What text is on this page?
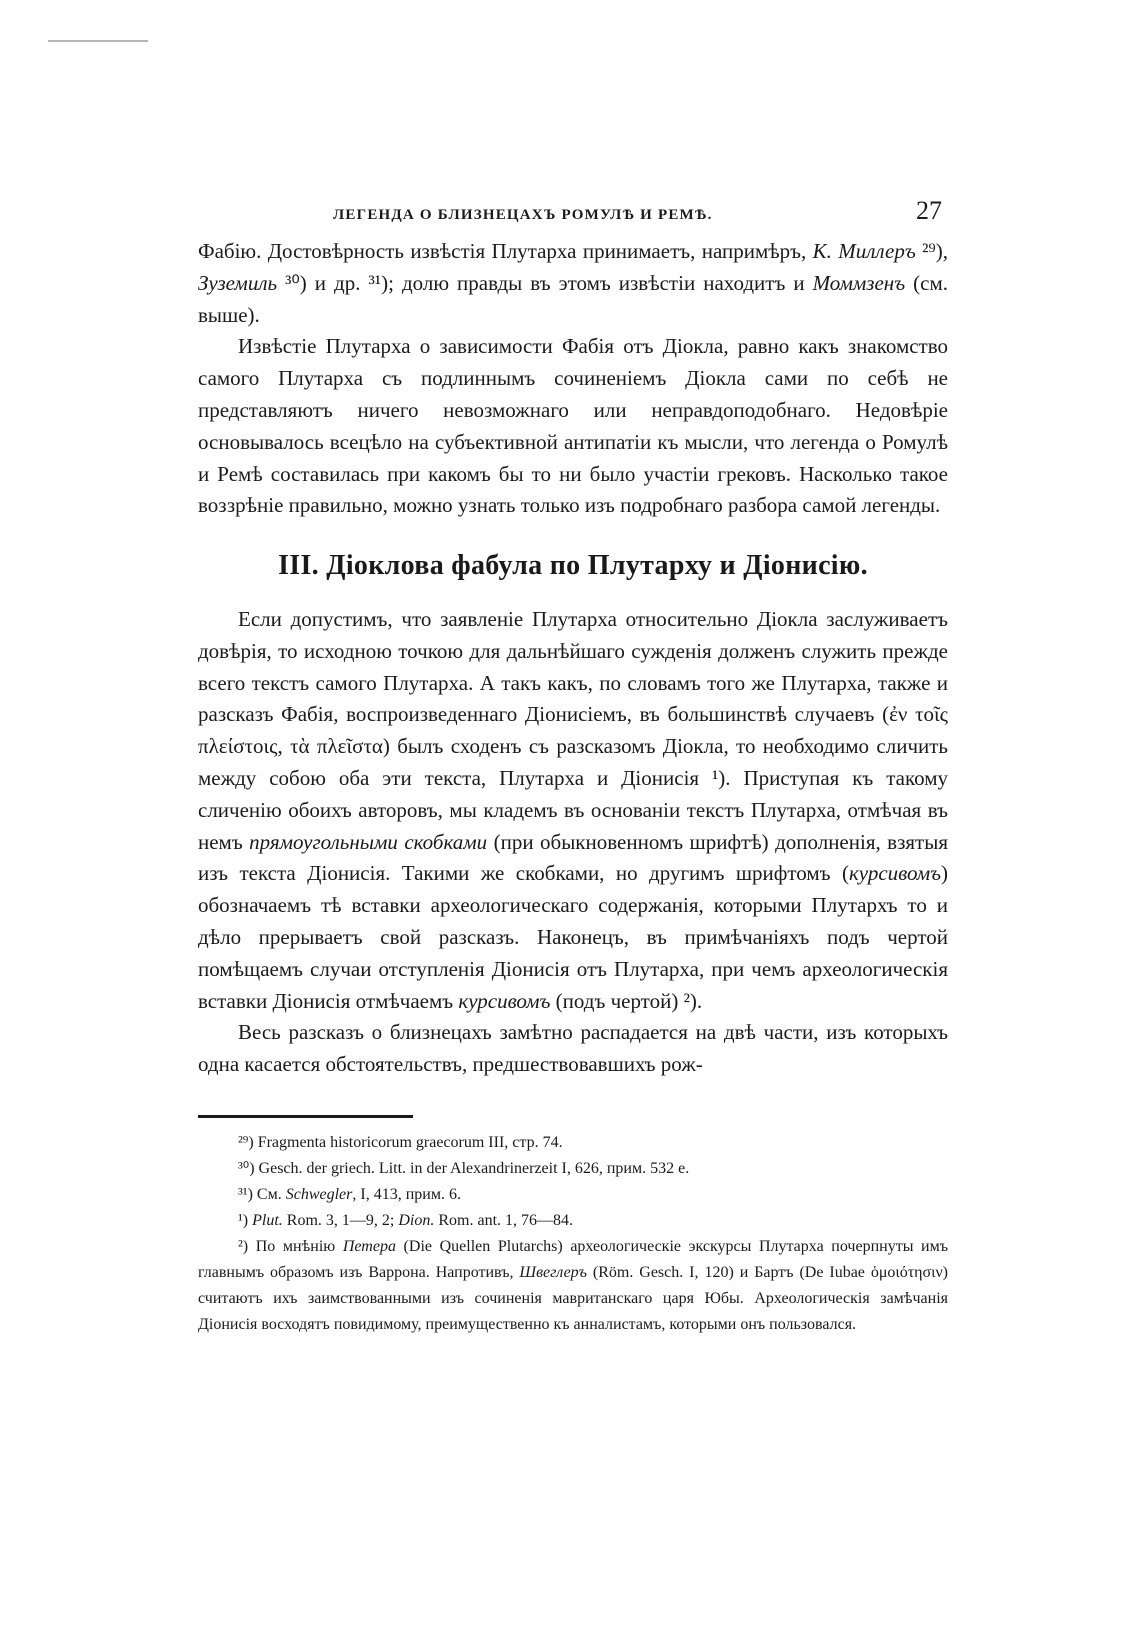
ЛЕГЕНДА О БЛИЗНЕЦАХЪ РОМУЛѢ И РЕМѢ.	27

Фабію. Достовѣрность извѣстія Плутарха принимаетъ, напримѣръ, К. Миллеръ ²⁹), Зуземиль ³⁰) и др. ³¹); долю правды въ этомъ извѣстіи находитъ и Моммзенъ (см. выше).

Извѣстіе Плутарха о зависимости Фабія отъ Діокла, равно какъ знакомство самого Плутарха съ подлиннымъ сочиненіемъ Діокла сами по себѣ не представляютъ ничего невозможнаго или неправдоподобнаго. Недовѣріе основывалось всецѣло на субъективной антипатіи къ мысли, что легенда о Ромулѣ и Ремѣ составилась при какомъ бы то ни было участіи грековъ. Насколько такое воззрѣніе правильно, можно узнать только изъ подробнаго разбора самой легенды.

III. Діоклова фабула по Плутарху и Діонисію.

Если допустимъ, что заявленіе Плутарха относительно Діокла заслуживаетъ довѣрія, то исходною точкою для дальнѣйшаго сужденія долженъ служить прежде всего текстъ самого Плутарха. А такъ какъ, по словамъ того же Плутарха, также и разсказъ Фабія, воспроизведеннаго Діонисіемъ, въ большинствѣ случаевъ (ἐν τοῖς πλείστοις, τὰ πλεῖστα) былъ сходенъ съ разсказомъ Діокла, то необходимо сличить между собою оба эти текста, Плутарха и Діонисія ¹). Приступая къ такому сличенію обоихъ авторовъ, мы кладемъ въ основаніи текстъ Плутарха, отмѣчая въ немъ прямоугольными скобками (при обыкновенномъ шрифтѣ) дополненія, взятыя изъ текста Діонисія. Такими же скобками, но другимъ шрифтомъ (курсивомъ) обозначаемъ тѣ вставки археологическаго содержанія, которыми Плутархъ то и дѣло прерываетъ свой разсказъ. Наконецъ, въ примѣчаніяхъ подъ чертой помѣщаемъ случаи отступленія Діонисія отъ Плутарха, при чемъ археологическія вставки Діонисія отмѣчаемъ курсивомъ (подъ чертой) ²).

Весь разсказъ о близнецахъ замѣтно распадается на двѣ части, изъ которыхъ одна касается обстоятельствъ, предшествовавшихъ рож-

²⁹) Fragmenta historicorum graecorum III, стр. 74.

³⁰) Gesch. der griech. Litt. in der Alexandrinerzeit I, 626, прим. 532 e.

³¹) См. Schwegler, I, 413, прим. 6.

¹) Plut. Rom. 3, 1—9, 2; Dion. Rom. ant. 1, 76—84.

²) По мнѣнію Петера (Die Quellen Plutarchs) археологическіе экскурсы Плутарха почерпнуты имъ главнымъ образомъ изъ Варрона. Напротивъ, Швеглеръ (Röm. Gesch. I, 120) и Бартъ (De Iubae ὁμοιότησιν) считаютъ ихъ заимствованными изъ сочиненія мавританскаго царя Юбы. Археологическія замѣчанія Діонисія восходятъ повидимому, преимущественно къ анналистамъ, которыми онъ пользовался.
